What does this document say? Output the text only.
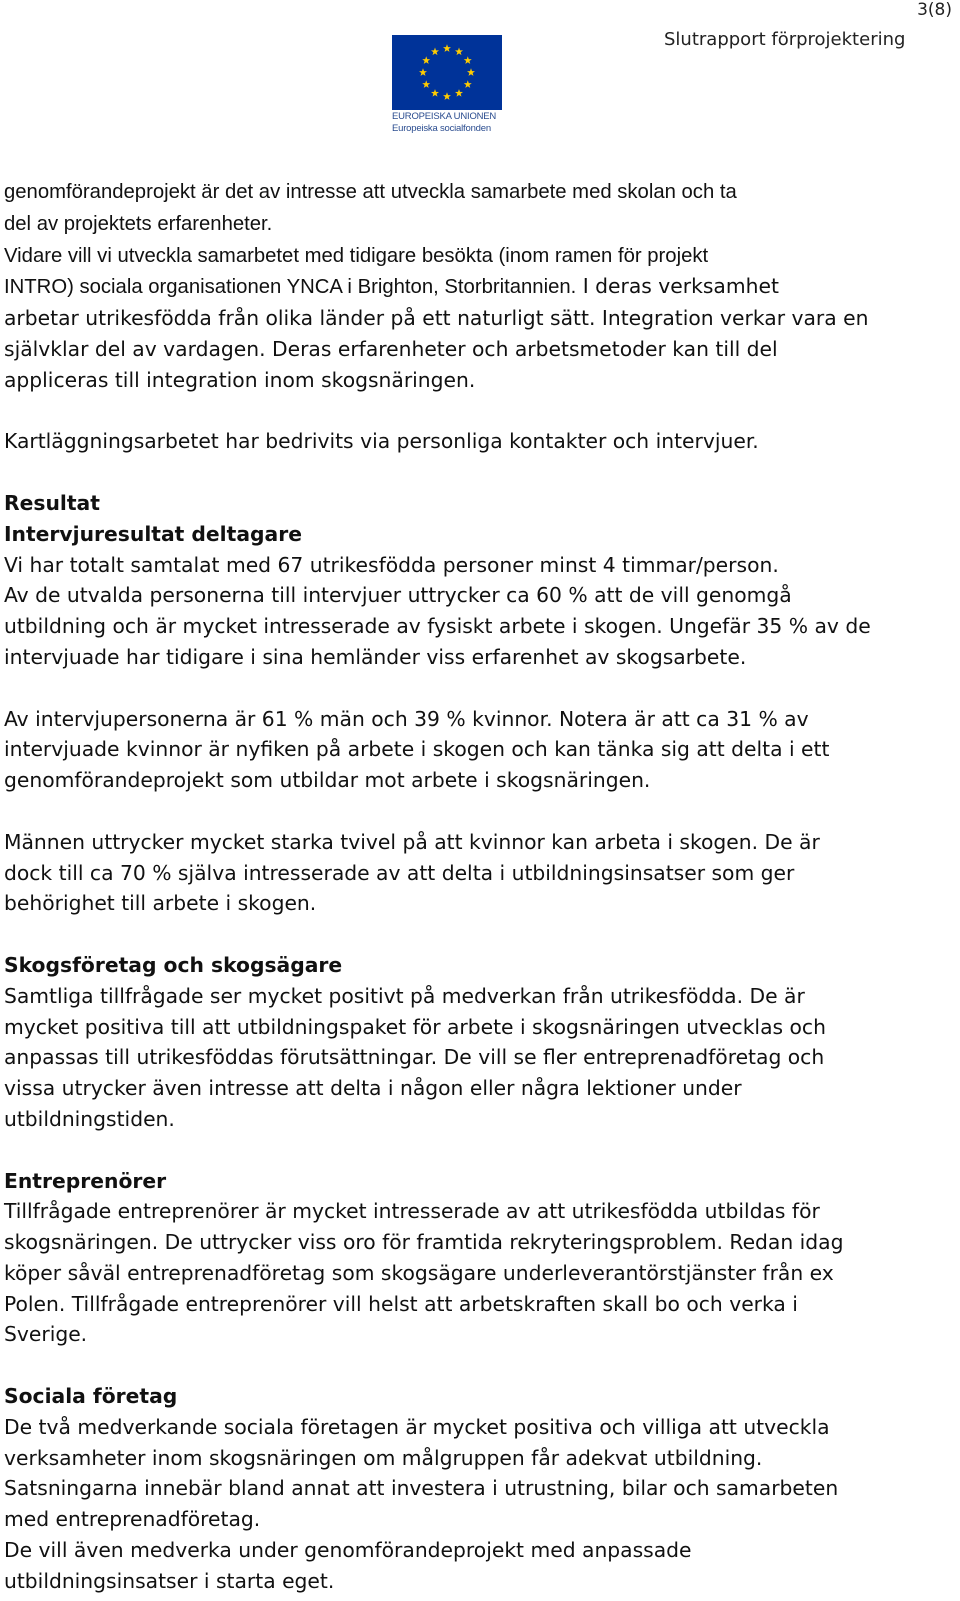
3(8)
Slutrapport förprojektering
EUROPEISKA UNIONEN
Europeiska socialfonden
genomförandeprojekt är det av intresse att utveckla samarbete med skolan och ta
del av projektets erfarenheter.
Vidare vill vi utveckla samarbetet med tidigare besökta (inom ramen för projekt
INTRO) sociala organisationen YNCA i Brighton, Storbritannien. I deras verksamhet
arbetar utrikesfödda från olika länder på ett naturligt sätt. Integration verkar vara en
självklar del av vardagen. Deras erfarenheter och arbetsmetoder kan till del
appliceras till integration inom skogsnäringen.
Kartläggningsarbetet har bedrivits via personliga kontakter och intervjuer.
Resultat
Intervjuresultat deltagare
Vi har totalt samtalat med 67 utrikesfödda personer minst 4 timmar/person.
Av de utvalda personerna till intervjuer uttrycker ca 60 % att de vill genomgå
utbildning och är mycket intresserade av fysiskt arbete i skogen. Ungefär 35 % av de
intervjuade har tidigare i sina hemländer viss erfarenhet av skogsarbete.
Av intervjupersonerna är 61 % män och 39 % kvinnor. Notera är att ca 31 % av
intervjuade kvinnor är nyfiken på arbete i skogen och kan tänka sig att delta i ett
genomförandeprojekt som utbildar mot arbete i skogsnäringen.
Männen uttrycker mycket starka tvivel på att kvinnor kan arbeta i skogen. De är
dock till ca 70 % själva intresserade av att delta i utbildningsinsatser som ger
behörighet till arbete i skogen.
Skogsföretag och skogsägare
Samtliga tillfrågade ser mycket positivt på medverkan från utrikesfödda. De är
mycket positiva till att utbildningspaket för arbete i skogsnäringen utvecklas och
anpassas till utrikesföddas förutsättningar. De vill se fler entreprenadföretag och
vissa utrycker även intresse att delta i någon eller några lektioner under
utbildningstiden.
Entreprenörer
Tillfrågade entreprenörer är mycket intresserade av att utrikesfödda utbildas för
skogsnäringen. De uttrycker viss oro för framtida rekryteringsproblem. Redan idag
köper såväl entreprenadföretag som skogsägare underleverantörstjänster från ex
Polen. Tillfrågade entreprenörer vill helst att arbetskraften skall bo och verka i
Sverige.
Sociala företag
De två medverkande sociala företagen är mycket positiva och villiga att utveckla
verksamheter inom skogsnäringen om målgruppen får adekvat utbildning.
Satsningarna innebär bland annat att investera i utrustning, bilar och samarbeten
med entreprenadföretag.
De vill även medverka under genomförandeprojekt med anpassade
utbildningsinsatser i starta eget.
